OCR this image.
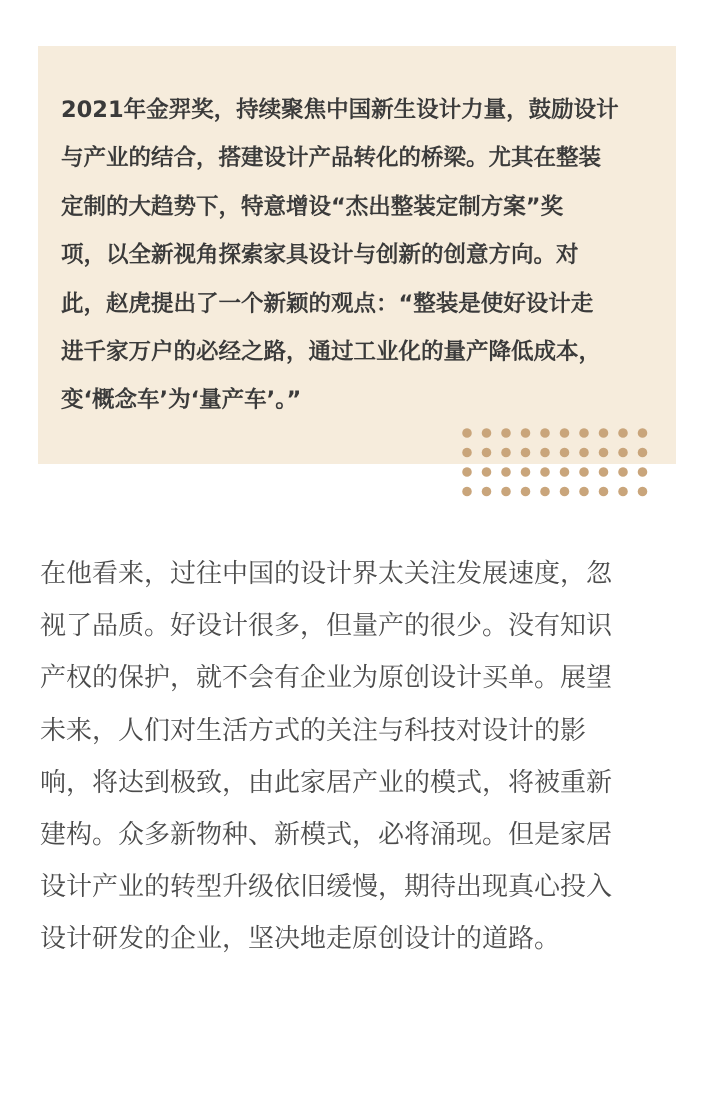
2021年金羿奖，持续聚焦中国新生设计力量，鼓励设计
与产业的结合，搭建设计产品转化的桥梁。尤其在整装
定制的大趋势下，特意增设“杰出整装定制方案”奖
项，以全新视角探索家具设计与创新的创意方向。对
此，赵虎提出了一个新颖的观点：“整装是使好设计走
进千家万户的必经之路，通过工业化的量产降低成本，
变‘概念车’为‘量产车’。”
在他看来，过往中国的设计界太关注发展速度，忽
视了品质。好设计很多，但量产的很少。没有知识
产权的保护，就不会有企业为原创设计买单。展望
未来，人们对生活方式的关注与科技对设计的影
响，将达到极致，由此家居产业的模式，将被重新
建构。众多新物种、新模式，必将涌现。但是家居
设计产业的转型升级依旧缓慢，期待出现真心投入
设计研发的企业，坚决地走原创设计的道路。
